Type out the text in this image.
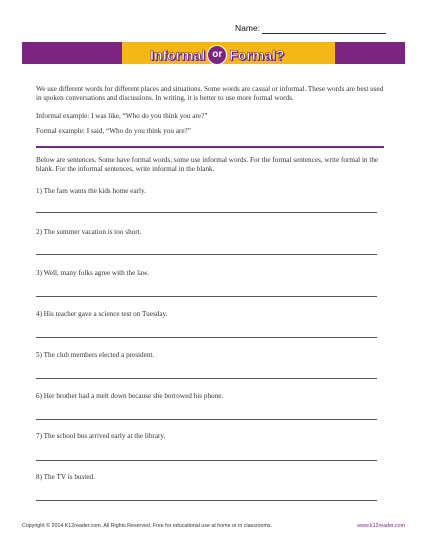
Name:
Informal or Formal?
We use different words for different places and situations. Some words are casual or informal. These words are best used in spoken conversations and discussions. In writing, it is better to use more formal words.
Informal example: I was like, “Who do you think you are?”
Formal example: I said, “Who do you think you are?”
Below are sentences. Some have formal words, some use informal words. For the formal sentences, write formal in the blank. For the informal sentences, write informal in the blank.
1) The fam wants the kids home early.
2) The summer vacation is too short.
3) Well, many folks agree with the law.
4) His teacher gave a science test on Tuesday.
5) The club members elected a president.
6) Her brother had a melt down because she borrowed his phone.
7) The school bus arrived early at the library.
8) The TV is busted.
Copyright © 2014 K12reader.com. All Rights Reserved. Free for educational use at home or in classrooms.	www.k12reader.com
